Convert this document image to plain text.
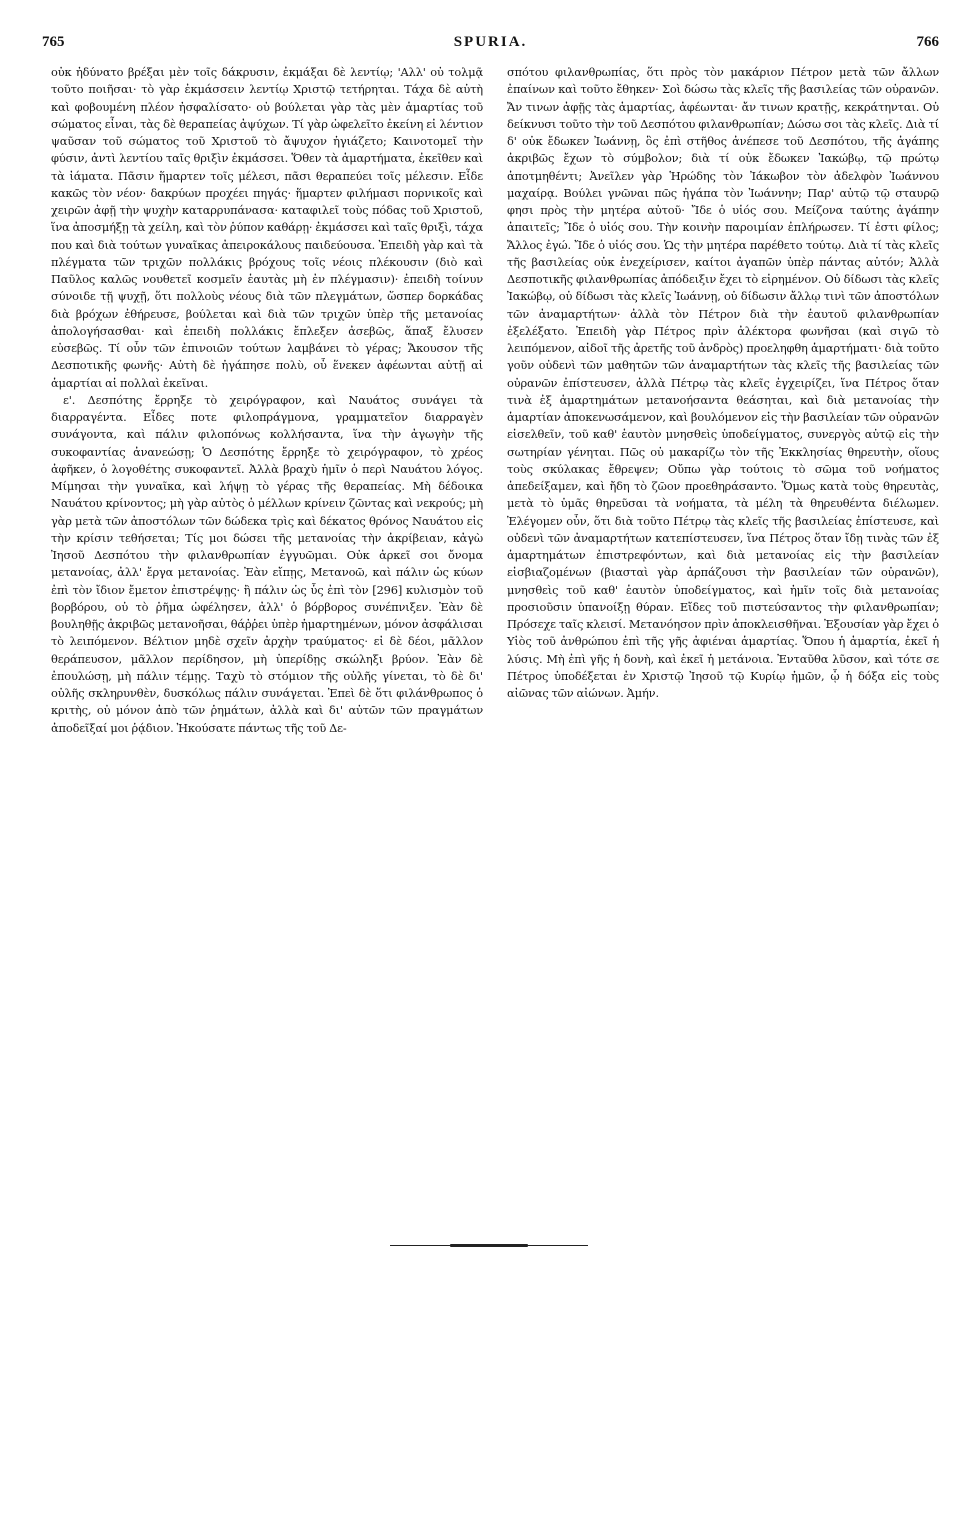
765	SPURIA.	766

οὐκ ἠδύνατο βρέξαι μὲν τοῖς δάκρυσιν, ἐκμάξαι δὲ λεντίῳ; 'Αλλ' οὐ τολμᾷ τοῦτο ποιῆσαι· τὸ γὰρ ἐκμάσσειν λεντίῳ Χριστῷ τετήρηται. Τάχα δὲ αὐτὴ καὶ φοβουμένη πλέον ἠσφαλίσατο· οὐ βούλεται γὰρ τὰς μὲν ἁμαρτίας τοῦ σώματος εἶναι, τὰς δὲ θεραπείας ἀψύχων. Τί γὰρ ὠφελεῖτο ἐκείνη εἰ λέντιον ψαῦσαν τοῦ σώματος τοῦ Χριστοῦ τὸ ἄψυχον ἡγιάζετο; Καινοτομεῖ τὴν φύσιν, ἀντὶ λεντίου ταῖς θριξὶν ἐκμάσσει. Ὅθεν τὰ ἁμαρτήματα, ἐκεῖθεν καὶ τὰ ἰάματα. Πᾶσιν ἥμαρτεν τοῖς μέλεσι, πᾶσι θεραπεύει τοῖς μέλεσιν. Εἶδε κακῶς τὸν νέον· δακρύων προχέει πηγάς· ἥμαρτεν φιλήμασι πορνικοῖς καὶ χειρῶν ἀφῇ τὴν ψυχὴν καταρρυπάνασα· καταφιλεῖ τοὺς πόδας τοῦ Χριστοῦ, ἵνα ἀποσμήξῃ τὰ χείλη, καὶ τὸν ῥύπον καθάρῃ· ἐκμάσσει καὶ ταῖς θριξὶ, τάχα που καὶ διὰ τούτων γυναῖκας ἀπειροκάλους παιδεύουσα. Ἐπειδὴ γὰρ καὶ τὰ πλέγματα τῶν τριχῶν πολλάκις βρόχους τοῖς νέοις πλέκουσιν (διὸ καὶ Παῦλος καλῶς νουθετεῖ κοσμεῖν ἑαυτὰς μὴ ἐν πλέγμασιν)· ἐπειδὴ τοίνυν σύνοιδε τῇ ψυχῇ, ὅτι πολλοὺς νέους διὰ τῶν πλεγμάτων, ὥσπερ δορκάδας διὰ βρόχων ἐθήρευσε, βούλεται καὶ διὰ τῶν τριχῶν ὑπὲρ τῆς μετανοίας ἀπολογήσασθαι· καὶ ἐπειδὴ πολλάκις ἔπλεξεν ἀσεβῶς, ἅπαξ ἔλυσεν εὐσεβῶς. Τί οὖν τῶν ἐπινοιῶν τούτων λαμβάνει τὸ γέρας; Ἄκουσον τῆς Δεσποτικῆς φωνῆς· Αὐτὴ δὲ ἠγάπησε πολὺ, οὗ ἕνεκεν ἀφέωνται αὐτῇ αἱ ἁμαρτίαι αἱ πολλαὶ ἐκεῖναι.

ε'. Δεσπότης ἔρρηξε τὸ χειρόγραφον, καὶ Ναυάτος συνάγει τὰ διαρραγέντα. Εἶδες ποτε φιλοπράγμονα, γραμματεῖον διαρραγὲν συνάγοντα, καὶ πάλιν φιλοπόνως κολλήσαντα, ἵνα τὴν ἀγωγὴν τῆς συκοφαντίας ἀνανεώσῃ; Ὁ Δεσπότης ἔρρηξε τὸ χειρόγραφον, τὸ χρέος ἀφῆκεν, ὁ λογοθέτης συκοφαντεῖ. Ἀλλὰ βραχὺ ἡμῖν ὁ περὶ Ναυάτου λόγος. Μίμησαι τὴν γυναῖκα, καὶ λήψῃ τὸ γέρας τῆς θεραπείας. Μὴ δέδοικα Ναυάτου κρίνοντος; μὴ γὰρ αὐτὸς ὁ μέλλων κρίνειν ζῶντας καὶ νεκρούς; μὴ γὰρ μετὰ τῶν ἀποστόλων τῶν δώδεκα τρὶς καὶ δέκατος θρόνος Ναυάτου εἰς τὴν κρίσιν τεθήσεται; Τίς μοι δώσει τῆς μετανοίας τὴν ἀκρίβειαν, κἀγὼ Ἰησοῦ Δεσπότου τὴν φιλανθρωπίαν ἐγγυῶμαι. Οὐκ ἀρκεῖ σοι ὄνομα μετανοίας, ἀλλ' ἔργα μετανοίας. Ἐὰν εἴπῃς, Μετανοῶ, καὶ πάλιν ὡς κύων ἐπὶ τὸν ἴδιον ἔμετον ἐπιστρέψῃς· ἢ πάλιν ὡς ὗς ἐπὶ τὸν [296] κυλισμὸν τοῦ βορβόρου, οὐ τὸ ῥῆμα ὠφέλησεν, ἀλλ' ὁ βόρβορος συνέπνιξεν. Ἐὰν δὲ βουληθῇς ἀκριβῶς μετανοῆσαι, θάῤῥει ὑπὲρ ἡμαρτημένων, μόνον ἀσφάλισαι τὸ λειπόμενον. Βέλτιον μηδὲ σχεῖν ἀρχὴν τραύματος· εἰ δὲ δέοι, μᾶλλον θεράπευσον, μᾶλλον περίδησον, μὴ ὑπερίδῃς σκώληξι βρύον. Ἐὰν δὲ ἐπουλώσῃ, μὴ πάλιν τέμῃς. Ταχὺ τὸ στόμιον τῆς οὐλῆς γίνεται, τὸ δὲ δι' οὐλῆς σκληρυνθὲν, δυσκόλως πάλιν συνάγεται. Ἐπεὶ δὲ ὅτι φιλάνθρωπος ὁ κριτὴς, οὐ μόνον ἀπὸ τῶν ῥημάτων, ἀλλὰ καὶ δι' αὐτῶν τῶν πραγμάτων ἀποδεῖξαί μοι ῥᾴδιον. Ἠκούσατε πάντως τῆς τοῦ Δε-

σπότου φιλανθρωπίας, ὅτι πρὸς τὸν μακάριον Πέτρον μετὰ τῶν ἄλλων ἐπαίνων καὶ τοῦτο ἔθηκεν· Σοὶ δώσω τὰς κλεῖς τῆς βασιλείας τῶν οὐρανῶν. Ἄν τινων ἀφῇς τὰς ἁμαρτίας, ἀφέωνται· ἄν τινων κρατῇς, κεκράτηνται. Οὐ δείκνυσι τοῦτο τὴν τοῦ Δεσπότου φιλανθρωπίαν; Δώσω σοι τὰς κλεῖς. Διὰ τί δ' οὐκ ἔδωκεν Ἰωάννῃ, ὃς ἐπὶ στῆθος ἀνέπεσε τοῦ Δεσπότου, τῆς ἀγάπης ἀκριβῶς ἔχων τὸ σύμβολον; διὰ τί οὐκ ἔδωκεν Ἰακώβῳ, τῷ πρώτῳ ἀποτμηθέντι; Ἀνεῖλεν γὰρ Ἡρώδης τὸν Ἰάκωβον τὸν ἀδελφὸν Ἰωάννου μαχαίρᾳ. Βούλει γνῶναι πῶς ἠγάπα τὸν Ἰωάννην; Παρ' αὐτῷ τῷ σταυρῷ φησι πρὸς τὴν μητέρα αὐτοῦ· Ἴδε ὁ υἱός σου. Μείζονα ταύτης ἀγάπην ἀπαιτεῖς; Ἴδε ὁ υἱός σου. Τὴν κοινὴν παροιμίαν ἐπλήρωσεν. Τί ἐστι φίλος; Ἄλλος ἐγώ. Ἴδε ὁ υἱός σου. Ὡς τὴν μητέρα παρέθετο τούτῳ. Διὰ τί τὰς κλεῖς τῆς βασιλείας οὐκ ἐνεχείρισεν, καίτοι ἀγαπῶν ὑπὲρ πάντας αὐτόν; Ἀλλὰ Δεσποτικῆς φιλανθρωπίας ἀπόδειξιν ἔχει τὸ εἰρημένον. Οὐ δίδωσι τὰς κλεῖς Ἰακώβῳ, οὐ δίδωσι τὰς κλεῖς Ἰωάννῃ, οὐ δίδωσιν ἄλλῳ τινὶ τῶν ἀποστόλων τῶν ἀναμαρτήτων· ἀλλὰ τὸν Πέτρον διὰ τὴν ἑαυτοῦ φιλανθρωπίαν ἐξελέξατο. Ἐπειδὴ γὰρ Πέτρος πρὶν ἀλέκτορα φωνῆσαι (καὶ σιγῶ τὸ λειπόμενον, αἰδοῖ τῆς ἀρετῆς τοῦ ἀνδρὸς) προεληφθη ἁμαρτήματι· διὰ τοῦτο γοῦν οὐδενὶ τῶν μαθητῶν τῶν ἀναμαρτήτων τὰς κλεῖς τῆς βασιλείας τῶν οὐρανῶν ἐπίστευσεν, ἀλλὰ Πέτρῳ τὰς κλεῖς ἐγχειρίζει, ἵνα Πέτρος ὅταν τινὰ ἐξ ἁμαρτημάτων μετανοήσαντα θεάσηται, καὶ διὰ μετανοίας τὴν ἁμαρτίαν ἀποκενωσάμενον, καὶ βουλόμενον εἰς τὴν βασιλείαν τῶν οὐρανῶν εἰσελθεῖν, τοῦ καθ' ἑαυτὸν μνησθεὶς ὑποδείγματος, συνεργὸς αὐτῷ εἰς τὴν σωτηρίαν γένηται. Πῶς οὐ μακαρίζω τὸν τῆς Ἐκκλησίας θηρευτὴν, οἵους τοὺς σκύλακας ἔθρεψεν; Οὔπω γὰρ τούτοις τὸ σῶμα τοῦ νοήματος ἀπεδείξαμεν, καὶ ἤδη τὸ ζῶον προεθηράσαντο. Ὅμως κατὰ τοὺς θηρευτὰς, μετὰ τὸ ὑμᾶς θηρεῦσαι τὰ νοήματα, τὰ μέλη τὰ θηρευθέντα διέλωμεν. Ἐλέγομεν οὖν, ὅτι διὰ τοῦτο Πέτρῳ τὰς κλεῖς τῆς βασιλείας ἐπίστευσε, καὶ οὐδενὶ τῶν ἀναμαρτήτων κατεπίστευσεν, ἵνα Πέτρος ὅταν ἴδῃ τινὰς τῶν ἐξ ἁμαρτημάτων ἐπιστρεφόντων, καὶ διὰ μετανοίας εἰς τὴν βασιλείαν εἰσβιαζομένων (βιασταὶ γὰρ ἁρπάζουσι τὴν βασιλείαν τῶν οὐρανῶν), μνησθεὶς τοῦ καθ' ἑαυτὸν ὑποδείγματος, καὶ ἡμῖν τοῖς διὰ μετανοίας προσιοῦσιν ὑπανοίξῃ θύραν. Εἴδες τοῦ πιστεύσαντος τὴν φιλανθρωπίαν; Πρόσεχε ταῖς κλεισί. Μετανόησον πρὶν ἀποκλεισθῆναι. Ἐξουσίαν γὰρ ἔχει ὁ Υἱὸς τοῦ ἀνθρώπου ἐπὶ τῆς γῆς ἀφιέναι ἁμαρτίας. Ὅπου ἡ ἁμαρτία, ἐκεῖ ἡ λύσις. Μὴ ἐπὶ γῆς ἡ δονὴ, καὶ ἐκεῖ ἡ μετάνοια. Ἐνταῦθα λῦσον, καὶ τότε σε Πέτρος ὑποδέξεται ἐν Χριστῷ Ἰησοῦ τῷ Κυρίῳ ἡμῶν, ᾧ ἡ δόξα εἰς τοὺς αἰῶνας τῶν αἰώνων. Ἀμήν.
